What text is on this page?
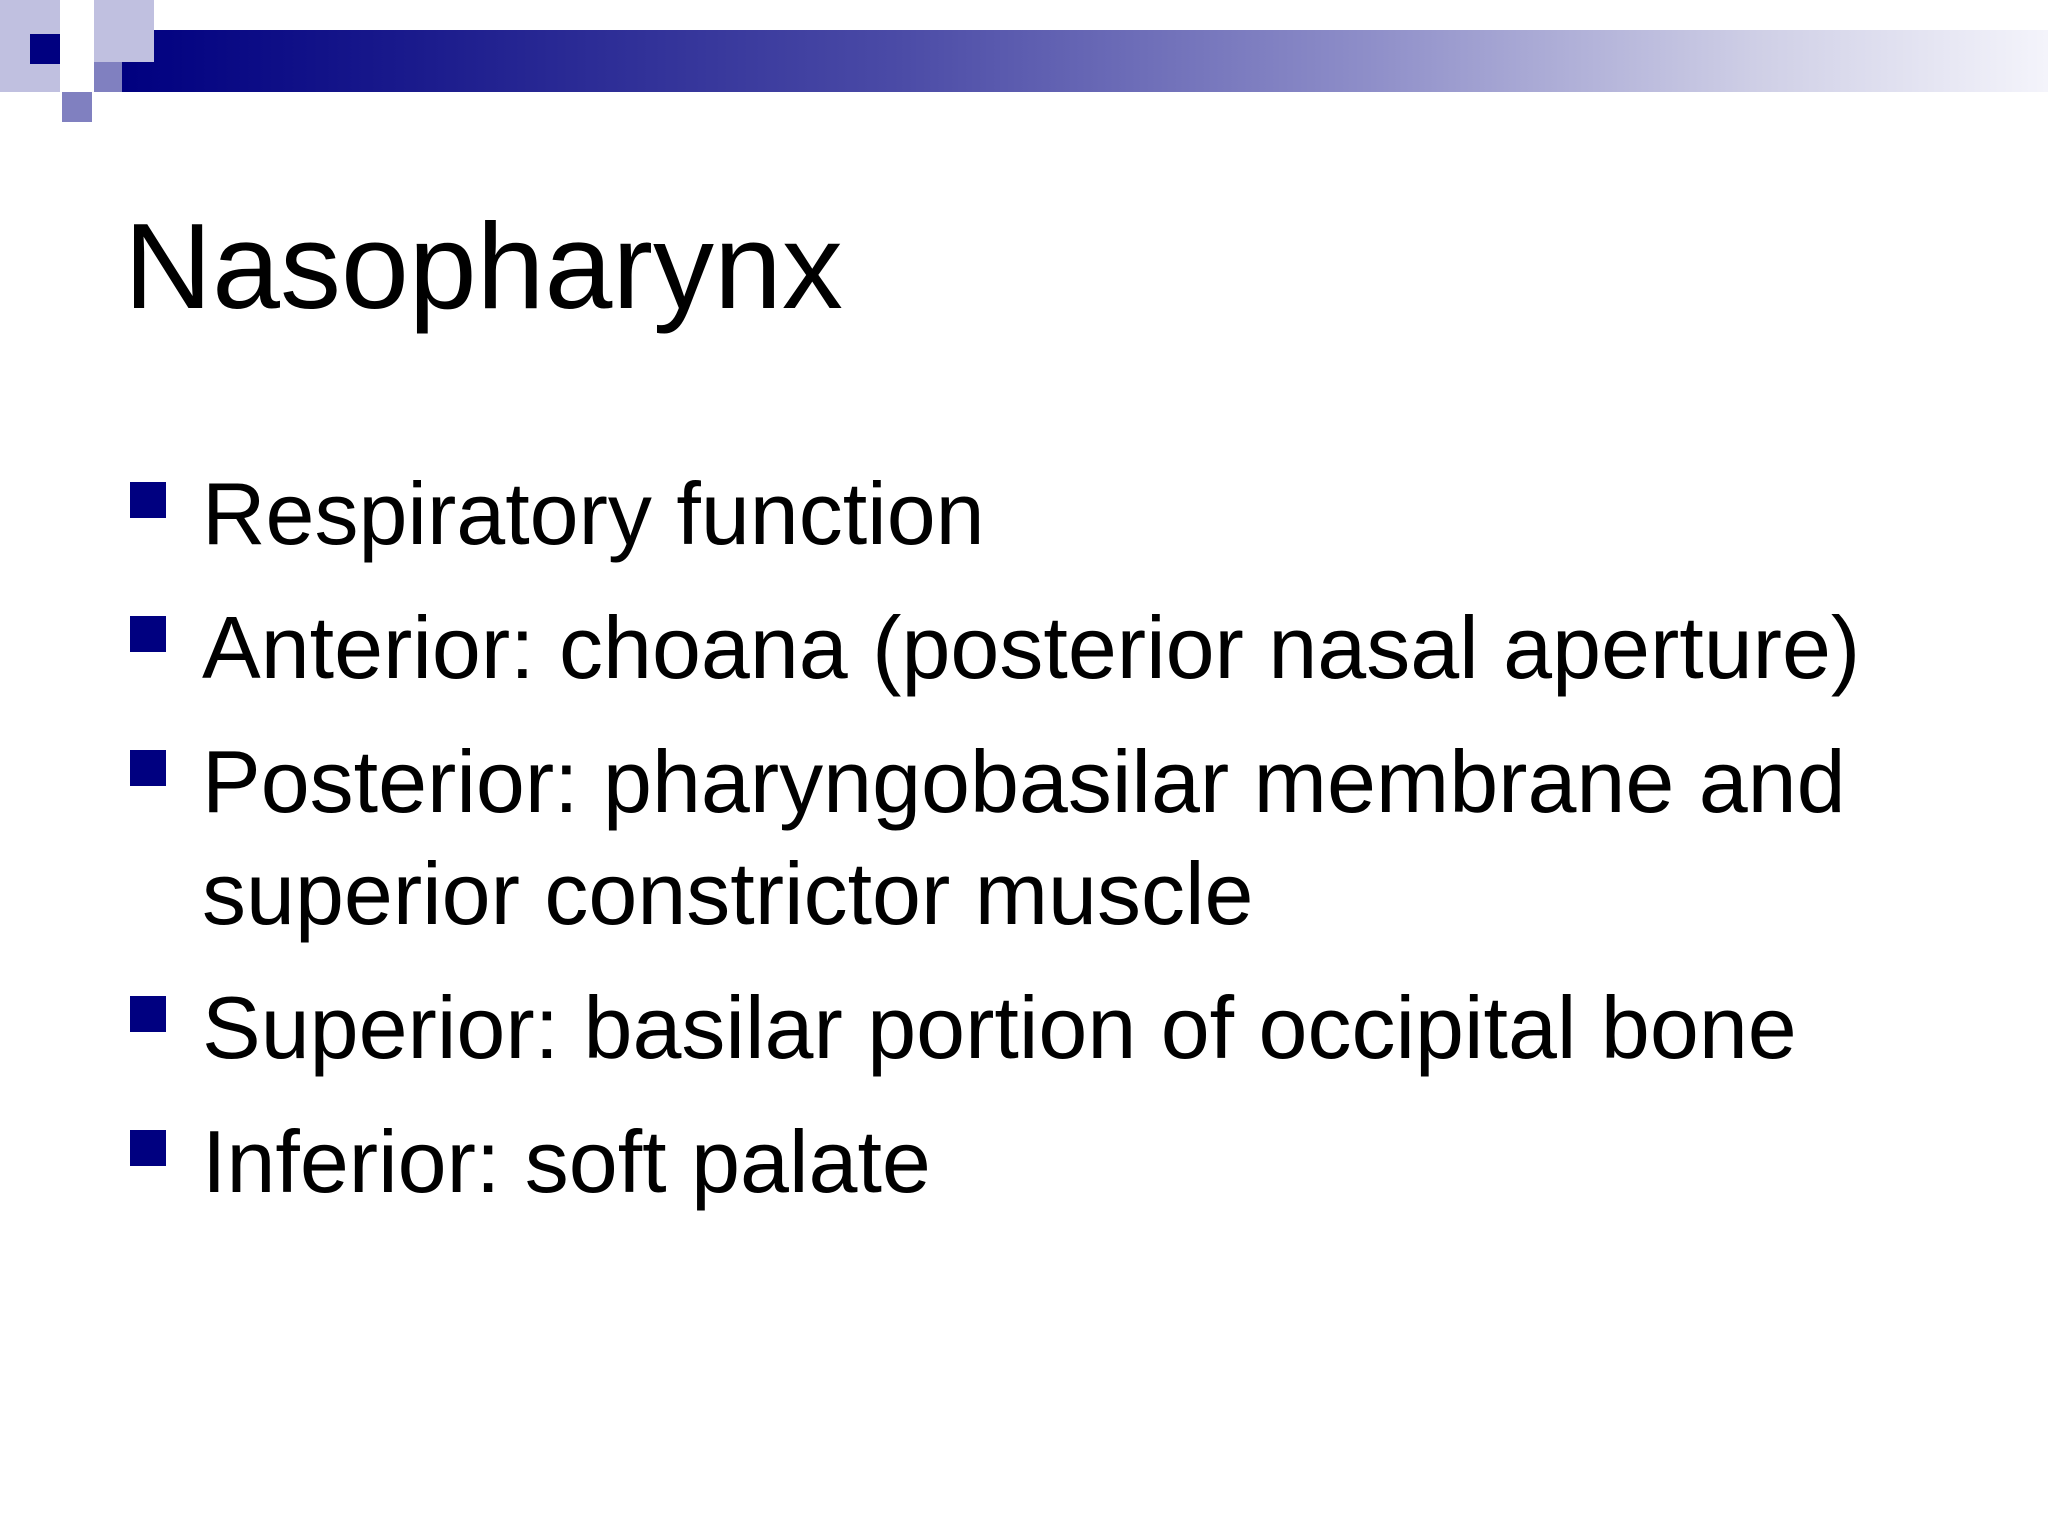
Nasopharynx
Respiratory function
Anterior: choana (posterior nasal aperture)
Posterior: pharyngobasilar membrane and superior constrictor muscle
Superior: basilar portion of occipital bone
Inferior: soft palate
